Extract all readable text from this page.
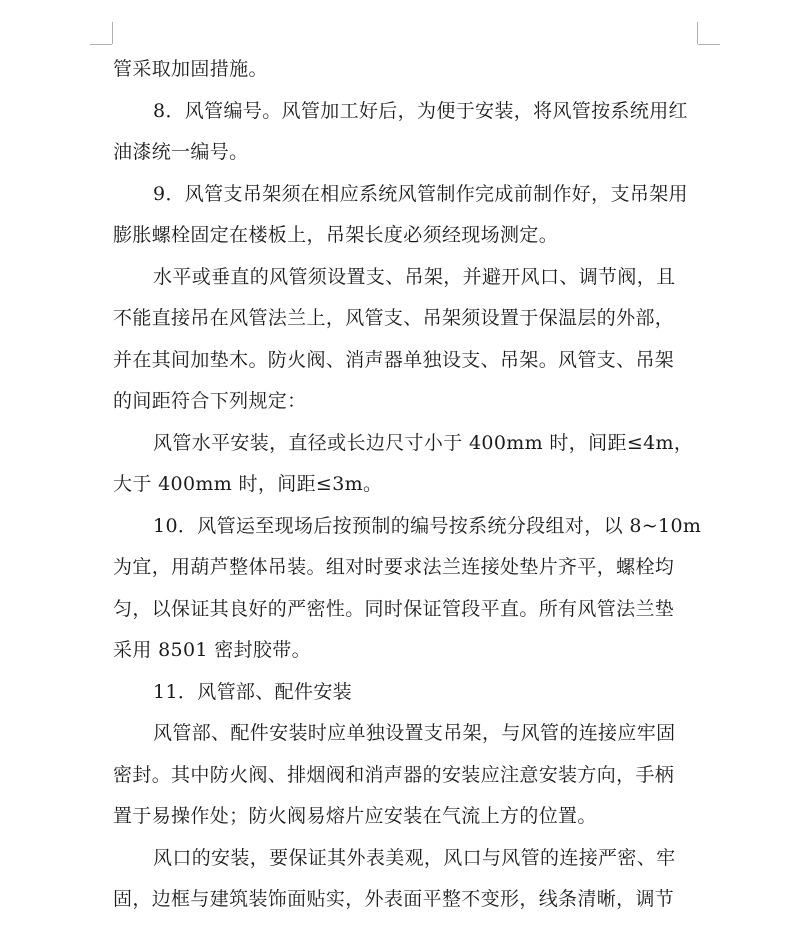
管采取加固措施。
8．风管编号。风管加工好后，为便于安装，将风管按系统用红
油漆统一编号。
9．风管支吊架须在相应系统风管制作完成前制作好，支吊架用
膨胀螺栓固定在楼板上，吊架长度必须经现场测定。
水平或垂直的风管须设置支、吊架，并避开风口、调节阀，且
不能直接吊在风管法兰上，风管支、吊架须设置于保温层的外部，
并在其间加垫木。防火阀、消声器单独设支、吊架。风管支、吊架
的间距符合下列规定：
风管水平安装，直径或长边尺寸小于 400mm 时，间距≤4m，
大于 400mm 时，间距≤3m。
10．风管运至现场后按预制的编号按系统分段组对，以 8~10m
为宜，用葫芦整体吊装。组对时要求法兰连接处垫片齐平，螺栓均
匀，以保证其良好的严密性。同时保证管段平直。所有风管法兰垫
采用 8501 密封胶带。
11．风管部、配件安装
风管部、配件安装时应单独设置支吊架，与风管的连接应牢固
密封。其中防火阀、排烟阀和消声器的安装应注意安装方向，手柄
置于易操作处；防火阀易熔片应安装在气流上方的位置。
风口的安装，要保证其外表美观，风口与风管的连接严密、牢
固，边框与建筑装饰面贴实，外表面平整不变形，线条清晰，调节
